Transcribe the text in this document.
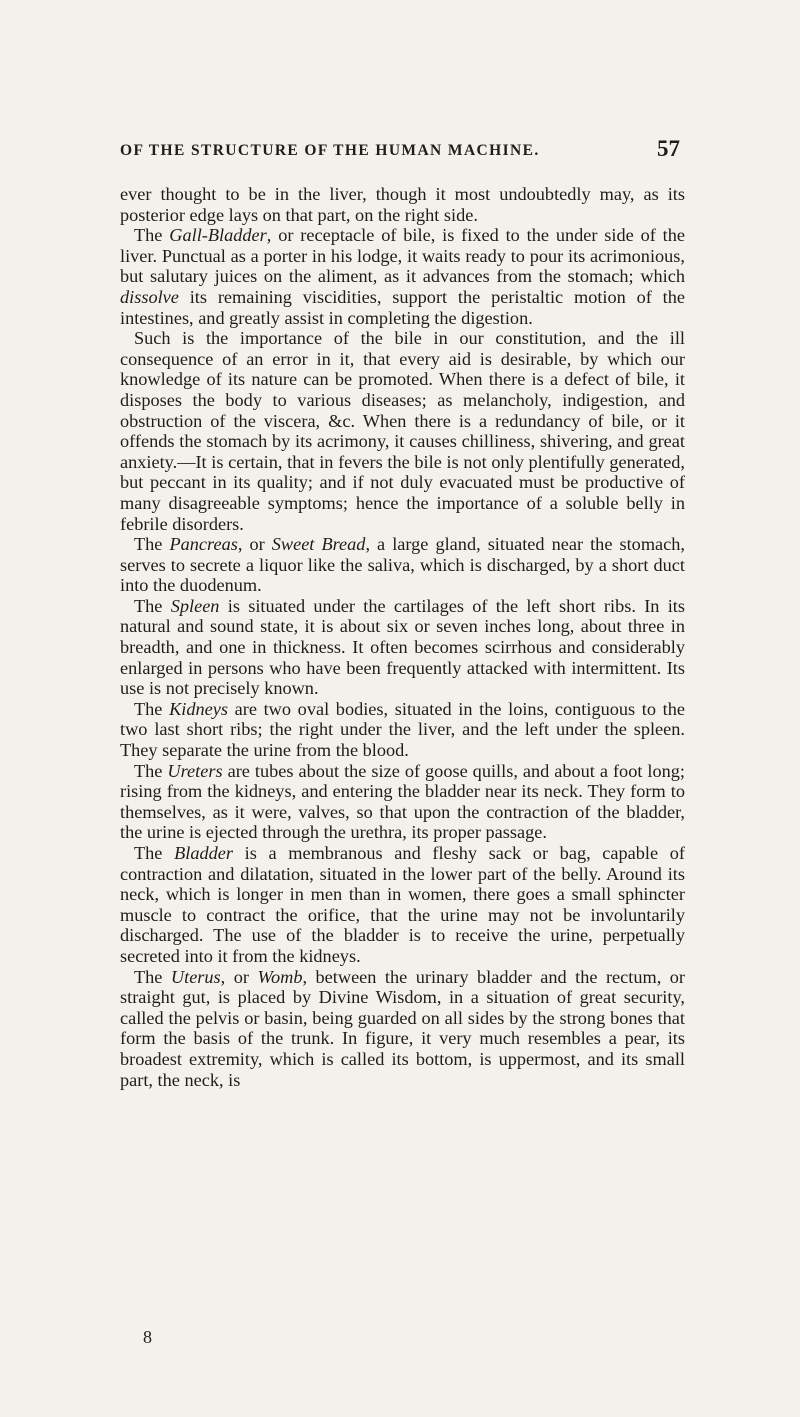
OF THE STRUCTURE OF THE HUMAN MACHINE.	57

ever thought to be in the liver, though it most undoubtedly may, as its posterior edge lays on that part, on the right side.

The Gall-Bladder, or receptacle of bile, is fixed to the under side of the liver. Punctual as a porter in his lodge, it waits ready to pour its acrimonious, but salutary juices on the aliment, as it advances from the stomach; which dissolve its remaining viscidities, support the peristaltic motion of the intestines, and greatly assist in completing the digestion.

Such is the importance of the bile in our constitution, and the ill consequence of an error in it, that every aid is desirable, by which our knowledge of its nature can be promoted. When there is a defect of bile, it disposes the body to various diseases; as melancholy, indigestion, and obstruction of the viscera, &c. When there is a redundancy of bile, or it offends the stomach by its acrimony, it causes chilliness, shivering, and great anxiety.—It is certain, that in fevers the bile is not only plentifully generated, but peccant in its quality; and if not duly evacuated must be productive of many disagreeable symptoms; hence the importance of a soluble belly in febrile disorders.

The Pancreas, or Sweet Bread, a large gland, situated near the stomach, serves to secrete a liquor like the saliva, which is discharged, by a short duct into the duodenum.

The Spleen is situated under the cartilages of the left short ribs. In its natural and sound state, it is about six or seven inches long, about three in breadth, and one in thickness. It often becomes scirrhous and considerably enlarged in persons who have been frequently attacked with intermittent. Its use is not precisely known.

The Kidneys are two oval bodies, situated in the loins, contiguous to the two last short ribs; the right under the liver, and the left under the spleen. They separate the urine from the blood.

The Ureters are tubes about the size of goose quills, and about a foot long; rising from the kidneys, and entering the bladder near its neck. They form to themselves, as it were, valves, so that upon the contraction of the bladder, the urine is ejected through the urethra, its proper passage.

The Bladder is a membranous and fleshy sack or bag, capable of contraction and dilatation, situated in the lower part of the belly. Around its neck, which is longer in men than in women, there goes a small sphincter muscle to contract the orifice, that the urine may not be involuntarily discharged. The use of the bladder is to receive the urine, perpetually secreted into it from the kidneys.

The Uterus, or Womb, between the urinary bladder and the rectum, or straight gut, is placed by Divine Wisdom, in a situation of great security, called the pelvis or basin, being guarded on all sides by the strong bones that form the basis of the trunk. In figure, it very much resembles a pear, its broadest extremity, which is called its bottom, is uppermost, and its small part, the neck, is

8
